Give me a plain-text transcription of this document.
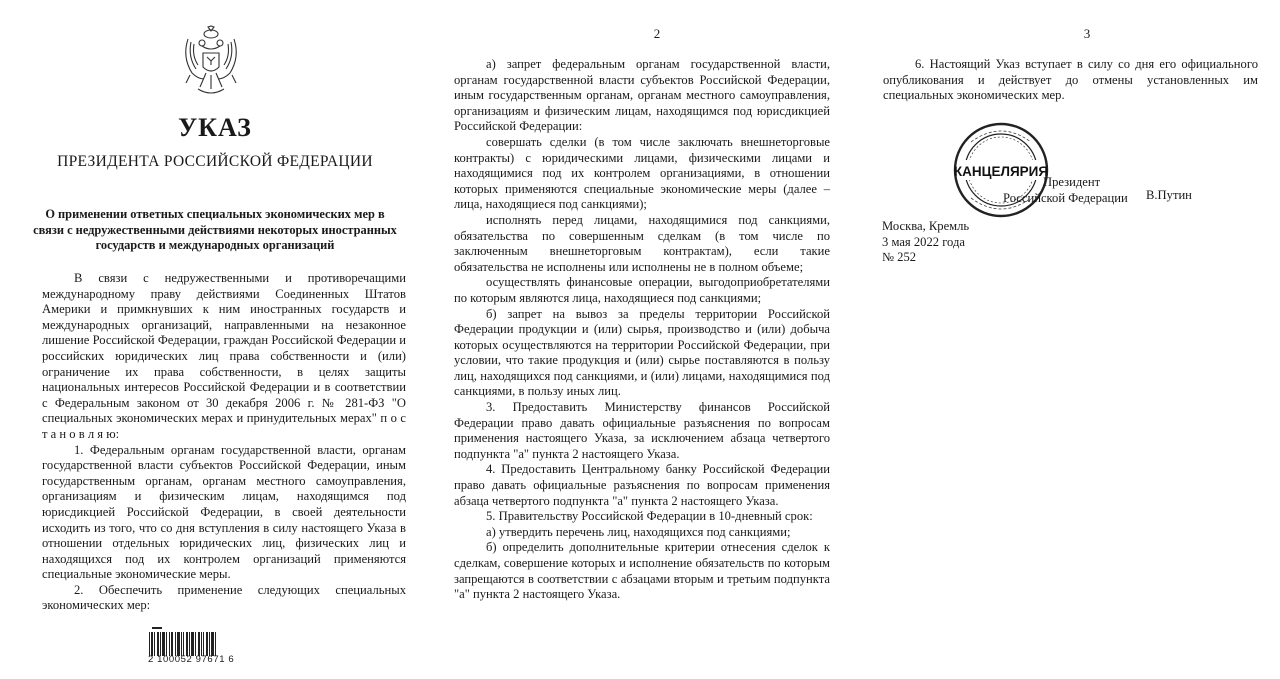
УКАЗ
ПРЕЗИДЕНТА РОССИЙСКОЙ ФЕДЕРАЦИИ
О применении ответных специальных экономических мер в связи с недружественными действиями некоторых иностранных государств и международных организаций

В связи с недружественными и противоречащими международному праву действиями Соединенных Штатов Америки и примкнувших к ним иностранных государств и международных организаций, направленными на незаконное лишение Российской Федерации, граждан Российской Федерации и российских юридических лиц права собственности и (или) ограничение их права собственности, в целях защиты национальных интересов Российской Федерации и в соответствии с Федеральным законом от 30 декабря 2006 г. № 281-ФЗ "О специальных экономических мерах и принудительных мерах" п о с т а н о в л я ю:

1. Федеральным органам государственной власти, органам государственной власти субъектов Российской Федерации, иным государственным органам, органам местного самоуправления, организациям и физическим лицам, находящимся под юрисдикцией Российской Федерации, в своей деятельности исходить из того, что со дня вступления в силу настоящего Указа в отношении отдельных юридических лиц, физических лиц и находящихся под их контролем организаций применяются специальные экономические меры.

2. Обеспечить применение следующих специальных экономических мер:

2 100052 97671 6
2

а) запрет федеральным органам государственной власти, органам государственной власти субъектов Российской Федерации, иным государственным органам, органам местного самоуправления, организациям и физическим лицам, находящимся под юрисдикцией Российской Федерации:

совершать сделки (в том числе заключать внешнеторговые контракты) с юридическими лицами, физическими лицами и находящимися под их контролем организациями, в отношении которых применяются специальные экономические меры (далее – лица, находящиеся под санкциями);

исполнять перед лицами, находящимися под санкциями, обязательства по совершенным сделкам (в том числе по заключенным внешнеторговым контрактам), если такие обязательства не исполнены или исполнены не в полном объеме;

осуществлять финансовые операции, выгодоприобретателями по которым являются лица, находящиеся под санкциями;

б) запрет на вывоз за пределы территории Российской Федерации продукции и (или) сырья, производство и (или) добыча которых осуществляются на территории Российской Федерации, при условии, что такие продукция и (или) сырье поставляются в пользу лиц, находящихся под санкциями, и (или) лицами, находящимися под санкциями, в пользу иных лиц.

3. Предоставить Министерству финансов Российской Федерации право давать официальные разъяснения по вопросам применения настоящего Указа, за исключением абзаца четвертого подпункта "а" пункта 2 настоящего Указа.

4. Предоставить Центральному банку Российской Федерации право давать официальные разъяснения по вопросам применения абзаца четвертого подпункта "а" пункта 2 настоящего Указа.

5. Правительству Российской Федерации в 10-дневный срок:

а) утвердить перечень лиц, находящихся под санкциями;

б) определить дополнительные критерии отнесения сделок к сделкам, совершение которых и исполнение обязательств по которым запрещаются в соответствии с абзацами вторым и третьим подпункта "а" пункта 2 настоящего Указа.

3

6. Настоящий Указ вступает в силу со дня его официального опубликования и действует до отмены установленных им специальных экономических мер.

КАНЦЕЛЯРИЯ
Президент
Российской Федерации В.Путин
Москва, Кремль
3 мая 2022 года
№ 252
